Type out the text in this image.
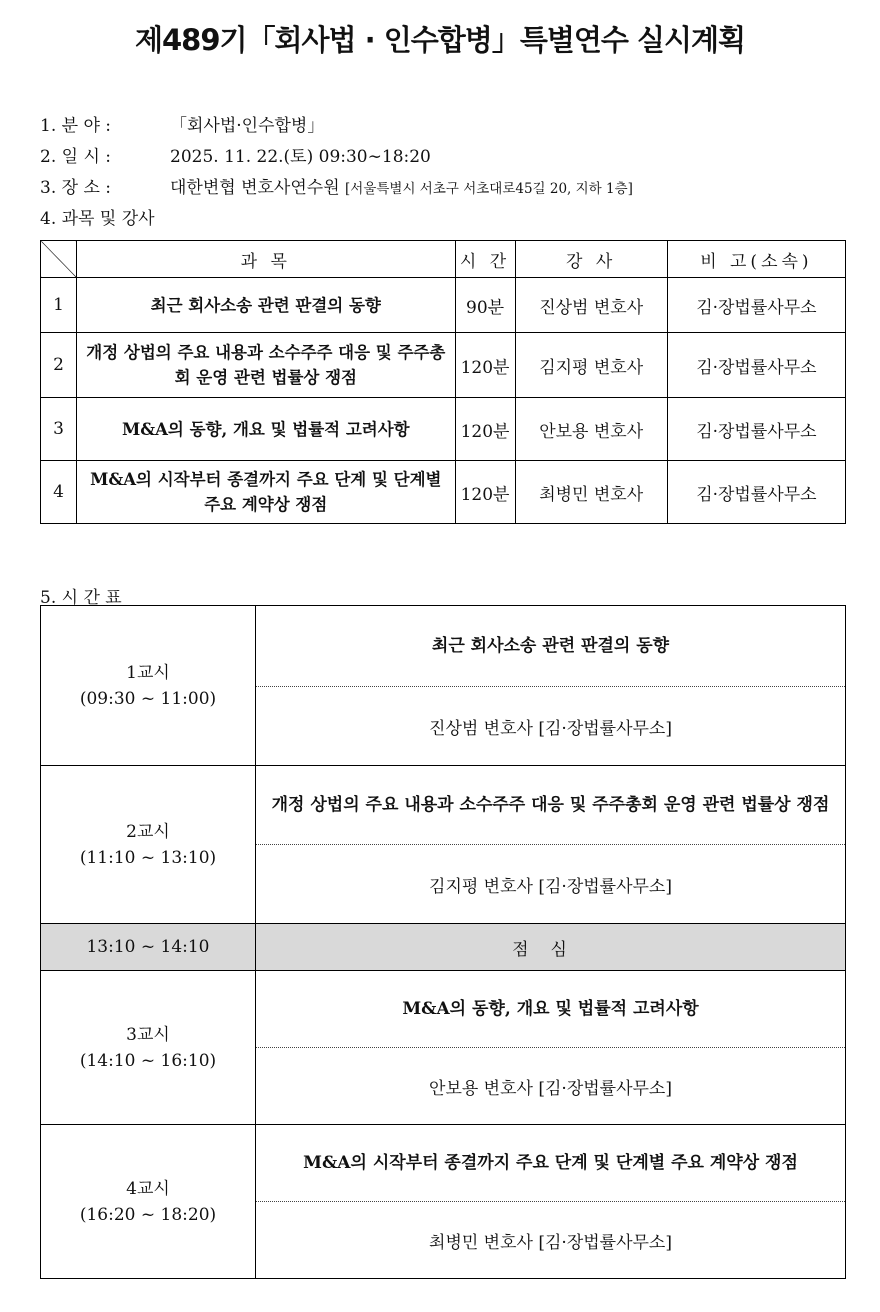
제489기「회사법 · 인수합병」특별연수 실시계획
1. 분 야 :	「회사법·인수합병」
2. 일 시 :	2025. 11. 22.(토) 09:30∼18:20
3. 장 소 :	대한변협 변호사연수원 [서울특별시 서초구 서초대로45길 20, 지하 1층]
4. 과목 및 강사
	과 목	시 간	강 사	비 고(소속)
1	최근 회사소송 관련 판결의 동향	90분	진상범 변호사	김·장법률사무소
2	개정 상법의 주요 내용과 소수주주 대응 및 주주총회 운영 관련 법률상 쟁점	120분	김지평 변호사	김·장법률사무소
3	M&A의 동향, 개요 및 법률적 고려사항	120분	안보용 변호사	김·장법률사무소
4	M&A의 시작부터 종결까지 주요 단계 및 단계별 주요 계약상 쟁점	120분	최병민 변호사	김·장법률사무소
5. 시 간 표
1교시
(09:30 ~ 11:00)	최근 회사소송 관련 판결의 동향
	진상범 변호사 [김·장법률사무소]

2교시
(11:10 ~ 13:10)	개정 상법의 주요 내용과 소수주주 대응 및 주주총회 운영 관련 법률상 쟁점
	김지평 변호사 [김·장법률사무소]
13:10 ~ 14:10	점심

3교시
(14:10 ~ 16:10)	M&A의 동향, 개요 및 법률적 고려사항
	안보용 변호사 [김·장법률사무소]

4교시
(16:20 ~ 18:20)	M&A의 시작부터 종결까지 주요 단계 및 단계별 주요 계약상 쟁점
	최병민 변호사 [김·장법률사무소]
